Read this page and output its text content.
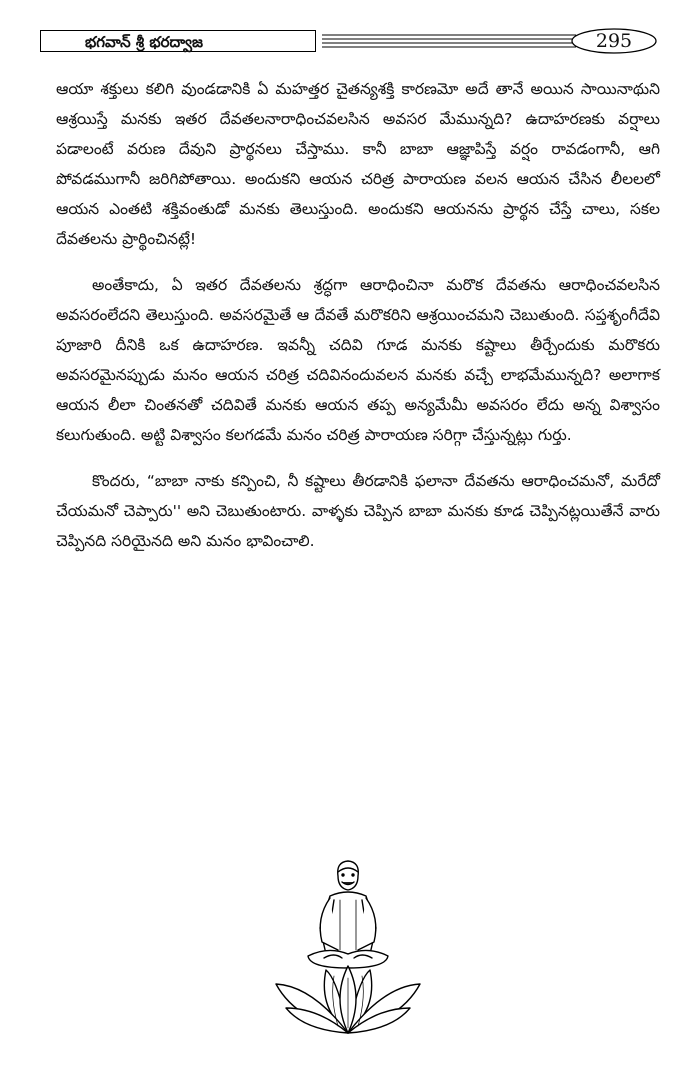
భగవాన్ శ్రీ భరద్వాజ	295

ఆయా శక్తులు కలిగి వుండడానికి ఏ మహత్తర చైతన్యశక్తి కారణమో అదే తానే అయిన సాయినాథుని ఆశ్రయిస్తే మనకు ఇతర దేవతలనారాధించవలసిన అవసర మేమున్నది? ఉదాహరణకు వర్షాలు పడాలంటే వరుణ దేవుని ప్రార్థనలు చేస్తాము. కానీ బాబా ఆజ్ఞాపిస్తే వర్షం రావడంగానీ, ఆగి పోవడముగానీ జరిగిపోతాయి. అందుకని ఆయన చరిత్ర పారాయణ వలన ఆయన చేసిన లీలలలో ఆయన ఎంతటి శక్తివంతుడో మనకు తెలుస్తుంది. అందుకని ఆయనను ప్రార్థన చేస్తే చాలు, సకల దేవతలను ప్రార్థించినట్లే!

అంతేకాదు, ఏ ఇతర దేవతలను శ్రద్ధగా ఆరాధించినా మరొక దేవతను ఆరాధించవలసిన అవసరంలేదని తెలుస్తుంది. అవసరమైతే ఆ దేవతే మరొకరిని ఆశ్రయించమని చెబుతుంది. సప్తశృంగీదేవి పూజారి దీనికి ఒక ఉదాహరణ. ఇవన్నీ చదివి గూడ మనకు కష్టాలు తీర్చేందుకు మరొకరు అవసరమైనప్పుడు మనం ఆయన చరిత్ర చదివినందువలన మనకు వచ్చే లాభమేమున్నది? అలాగాక ఆయన లీలా చింతనతో చదివితే మనకు ఆయన తప్ప అన్యమేమీ అవసరం లేదు అన్న విశ్వాసం కలుగుతుంది. అట్టి విశ్వాసం కలగడమే మనం చరిత్ర పారాయణ సరిగ్గా చేస్తున్నట్లు గుర్తు.

కొందరు, “బాబా నాకు కన్పించి, నీ కష్టాలు తీరడానికి ఫలానా దేవతను ఆరాధించమనో, మరేదో చేయమనో చెప్పారు'' అని చెబుతుంటారు. వాళ్ళకు చెప్పిన బాబా మనకు కూడ చెప్పినట్లయితేనే వారు చెప్పినది సరియైనది అని మనం భావించాలి.
